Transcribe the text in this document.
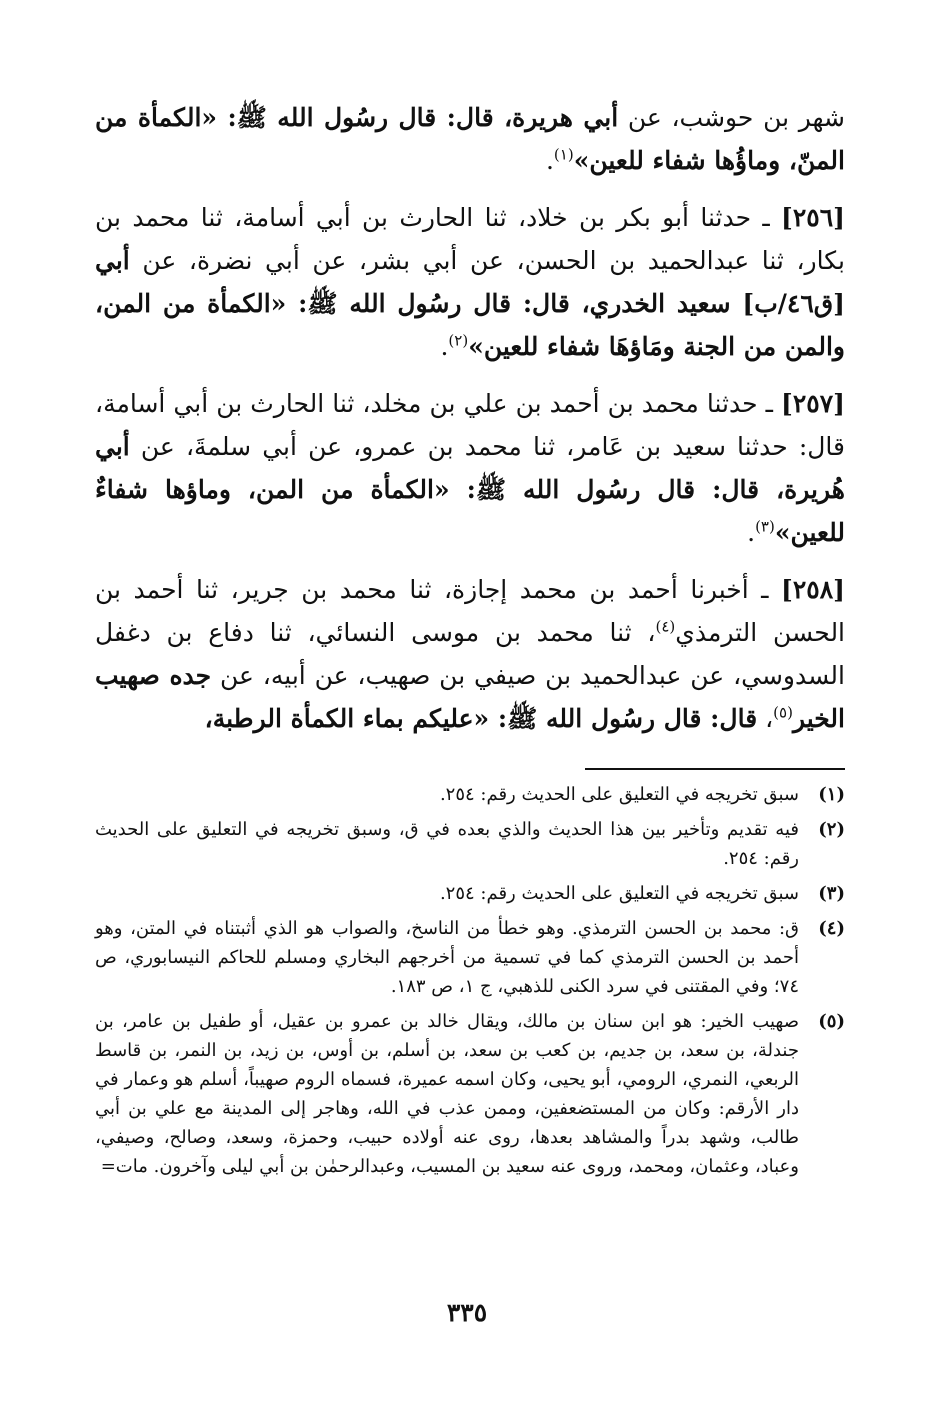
شهر بن حوشب، عن أبي هريرة، قال: قال رسُول الله ﷺ: «الكمأة من المنّ، وماؤُها شفاء للعين»$^{(١)}$.

[٢٥٦] ـ حدثنا أبو بكر بن خلاد، ثنا الحارث بن أبي أسامة، ثنا محمد بن بكار، ثنا عبدالحميد بن الحسن، عن أبي بشر، عن أبي نضرة، عن أبي [ق٤٦/ب] سعيد الخدري، قال: قال رسُول الله ﷺ: «الكمأة من المن، والمن من الجنة ومَاؤهَا شفاء للعين»$^{(٢)}$.

[٢٥٧] ـ حدثنا محمد بن أحمد بن علي بن مخلد، ثنا الحارث بن أبي أسامة، قال: حدثنا سعيد بن عَامر، ثنا محمد بن عمرو، عن أبي سلمةَ، عن أبي هُريرة، قال: قال رسُول الله ﷺ: «الكمأة من المن، وماؤها شفاءٌ للعين»$^{(٣)}$.

[٢٥٨] ـ أخبرنا أحمد بن محمد إجازة، ثنا محمد بن جرير، ثنا أحمد بن الحسن الترمذي$^{(٤)}$، ثنا محمد بن موسى النسائي، ثنا دفاع بن دغفل السدوسي، عن عبدالحميد بن صيفي بن صهيب، عن أبيه، عن جده صهيب الخير$^{(٥)}$، قال: قال رسُول الله ﷺ: «عليكم بماء الكمأة الرطبة،

(١)
سبق تخريجه في التعليق على الحديث رقم: ٢٥٤.
(٢)
فيه تقديم وتأخير بين هذا الحديث والذي بعده في ق، وسبق تخريجه في التعليق على الحديث رقم: ٢٥٤.
(٣)
سبق تخريجه في التعليق على الحديث رقم: ٢٥٤.
(٤)
ق: محمد بن الحسن الترمذي. وهو خطأ من الناسخ، والصواب هو الذي أثبتناه في المتن، وهو أحمد بن الحسن الترمذي كما في تسمية من أخرجهم البخاري ومسلم للحاكم النيسابوري، ص ٧٤؛ وفي المقتنى في سرد الكنى للذهبي، ج ١، ص ١٨٣.
(٥)
صهيب الخير: هو ابن سنان بن مالك، ويقال خالد بن عمرو بن عقيل، أو طفيل بن عامر، بن جندلة، بن سعد، بن جديم، بن كعب بن سعد، بن أسلم، بن أوس، بن زيد، بن النمر، بن قاسط الربعي، النمري، الرومي، أبو يحيى، وكان اسمه عميرة، فسماه الروم صهيباً، أسلم هو وعمار في دار الأرقم: وكان من المستضعفين، وممن عذب في الله، وهاجر إلى المدينة مع علي بن أبي طالب، وشهد بدراً والمشاهد بعدها، روى عنه أولاده حبيب، وحمزة، وسعد، وصالح، وصيفي، وعباد، وعثمان، ومحمد، وروى عنه سعيد بن المسيب، وعبدالرحمٰن بن أبي ليلى وآخرون. مات=
٣٣٥
